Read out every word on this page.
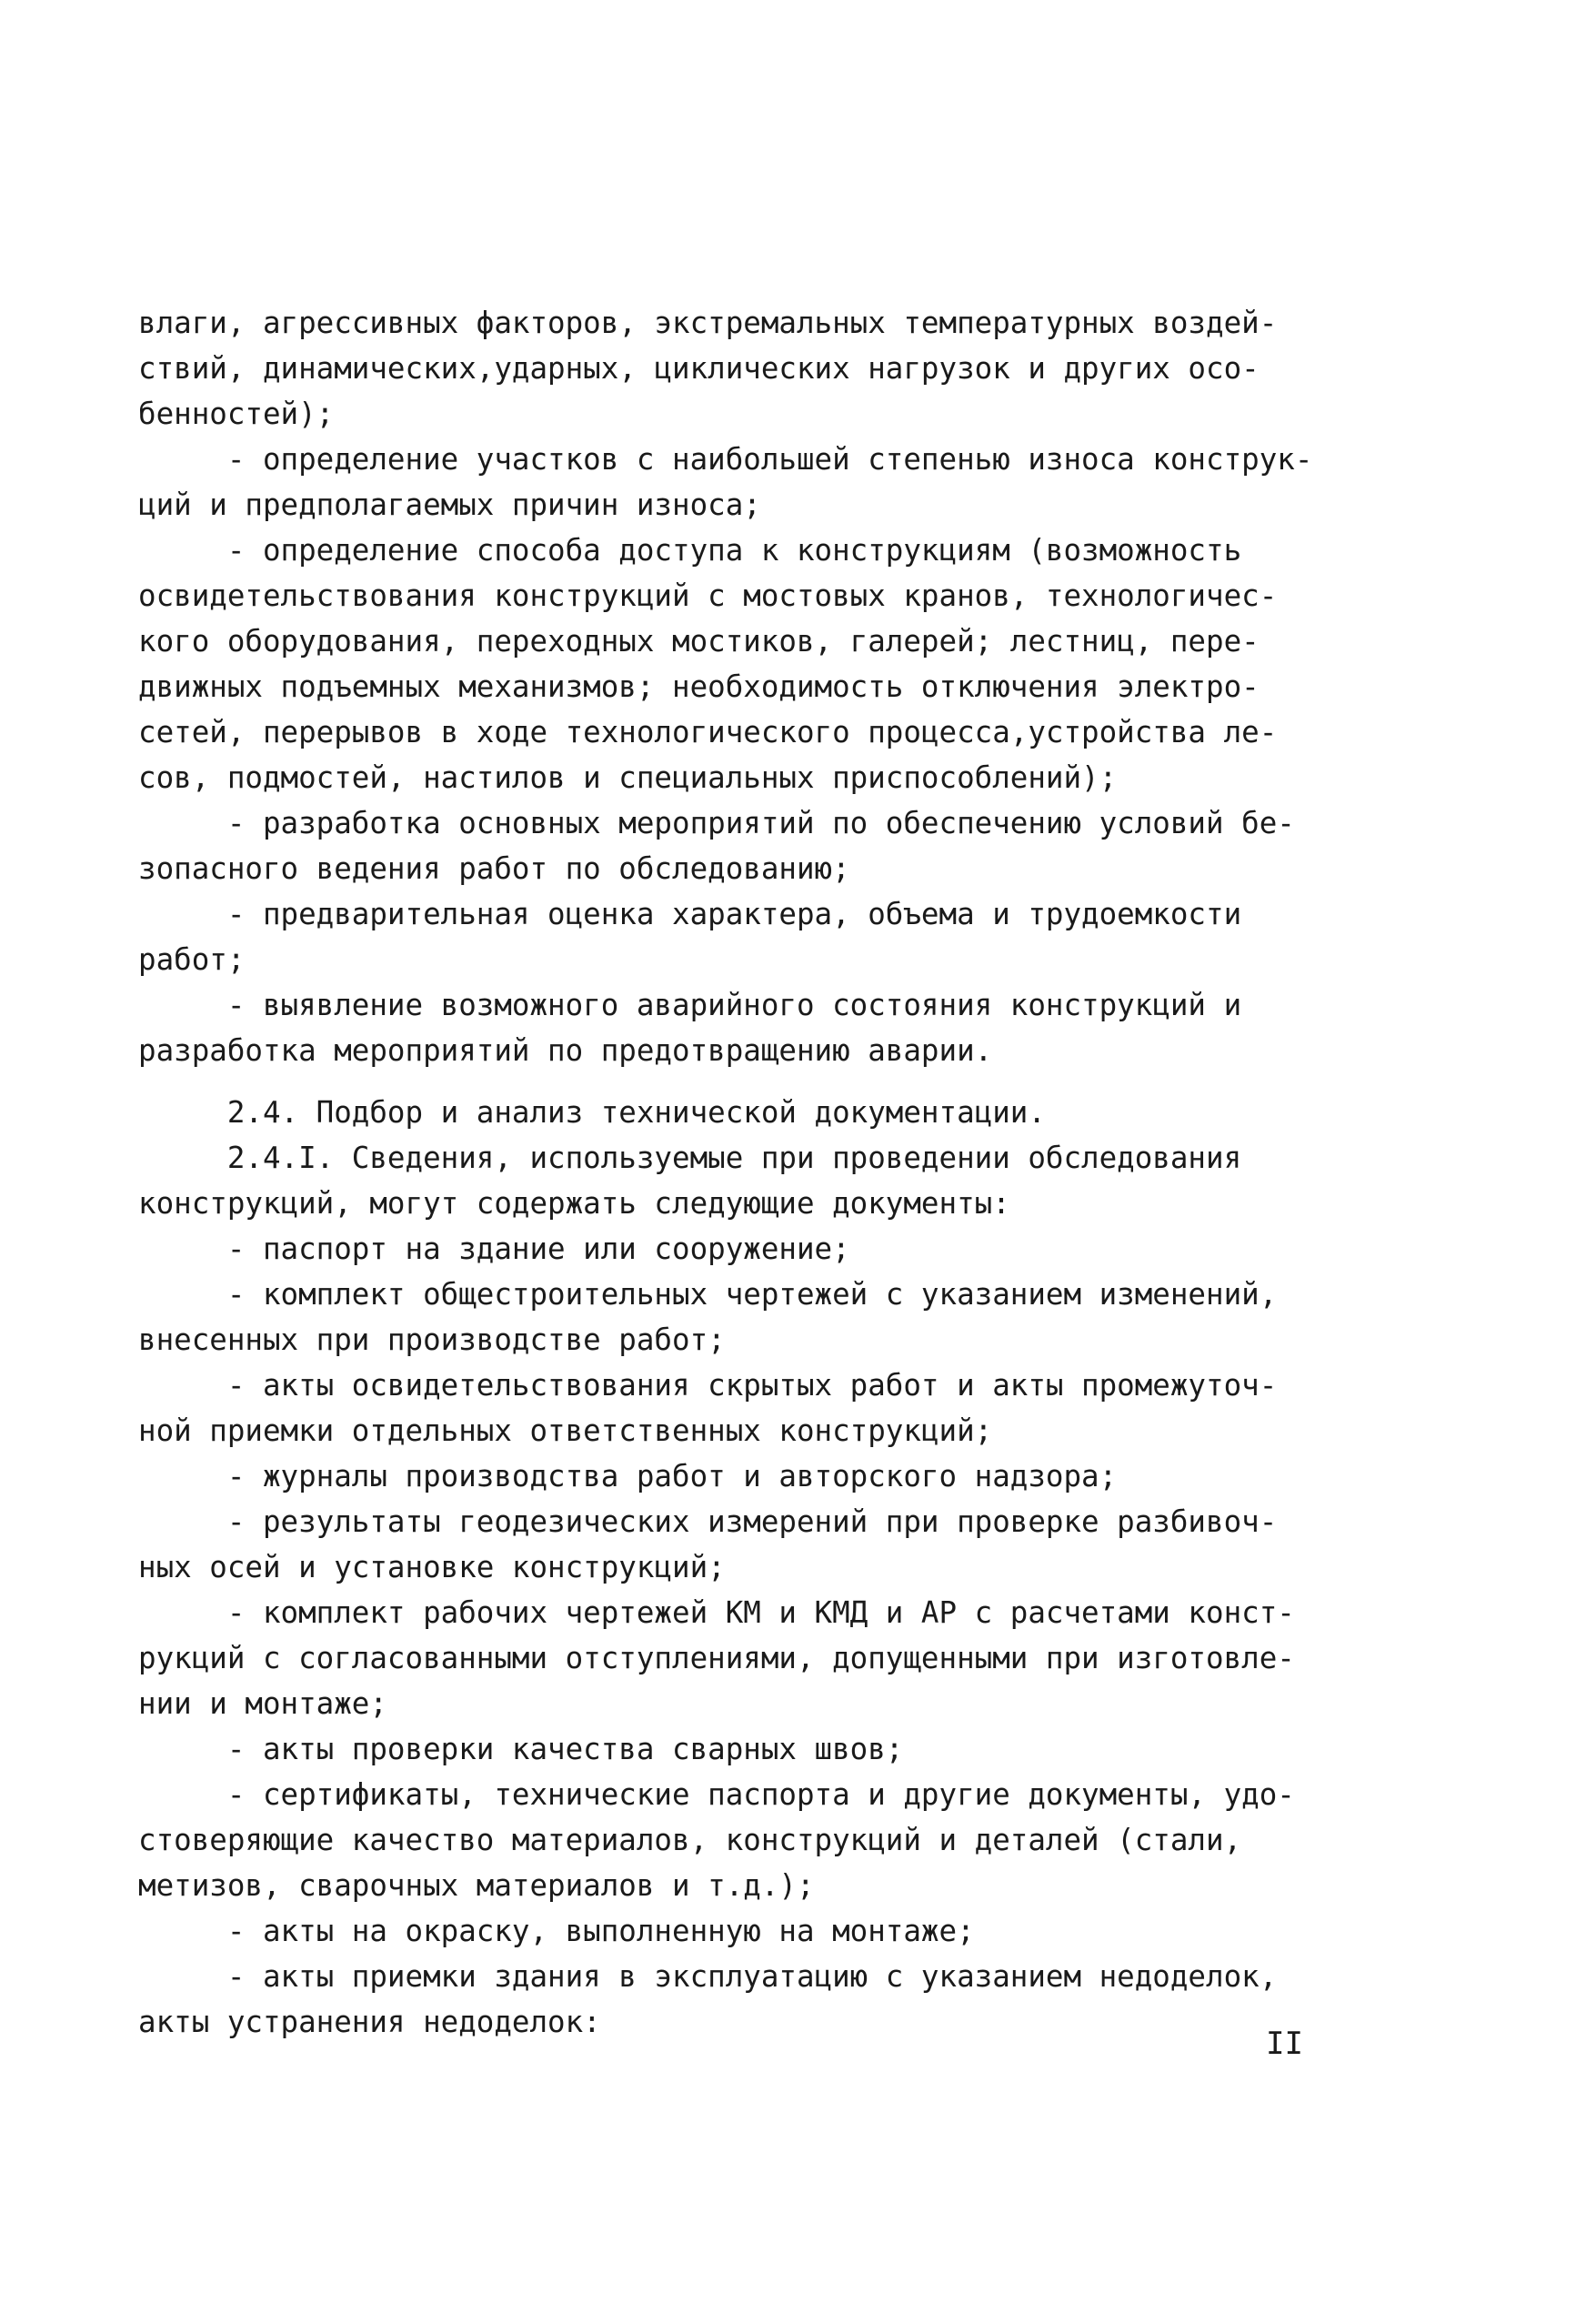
влаги, агрессивных факторов, экстремальных температурных воздей-
ствий, динамических,ударных, циклических нагрузок и других осо-
бенностей);
- определение участков с наибольшей степенью износа конструк-
ций и предполагаемых причин износа;
- определение способа доступа к конструкциям (возможность
освидетельствования конструкций с мостовых кранов, технологичес-
кого оборудования, переходных мостиков, галерей; лестниц, пере-
движных подъемных механизмов; необходимость отключения электро-
сетей, перерывов в ходе технологического процесса,устройства ле-
сов, подмостей, настилов и специальных приспособлений);
- разработка основных мероприятий по обеспечению условий бе-
зопасного ведения работ по обследованию;
- предварительная оценка характера, объема и трудоемкости
работ;
- выявление возможного аварийного состояния конструкций и
разработка мероприятий по предотвращению аварии.
2.4. Подбор и анализ технической документации.
2.4.I. Сведения, используемые при проведении обследования
конструкций, могут содержать следующие документы:
- паспорт на здание или сооружение;
- комплект общестроительных чертежей с указанием изменений,
внесенных при производстве работ;
- акты освидетельствования скрытых работ и акты промежуточ-
ной приемки отдельных ответственных конструкций;
- журналы производства работ и авторского надзора;
- результаты геодезических измерений при проверке разбивоч-
ных осей и установке конструкций;
- комплект рабочих чертежей КМ и КМД и АР с расчетами конст-
рукций с согласованными отступлениями, допущенными при изготовле-
нии и монтаже;
- акты проверки качества сварных швов;
- сертификаты, технические паспорта и другие документы, удо-
стоверяющие качество материалов, конструкций и деталей (стали,
метизов, сварочных материалов и т.д.);
- акты на окраску, выполненную на монтаже;
- акты приемки здания в эксплуатацию с указанием недоделок,
акты устранения недоделок:
II
